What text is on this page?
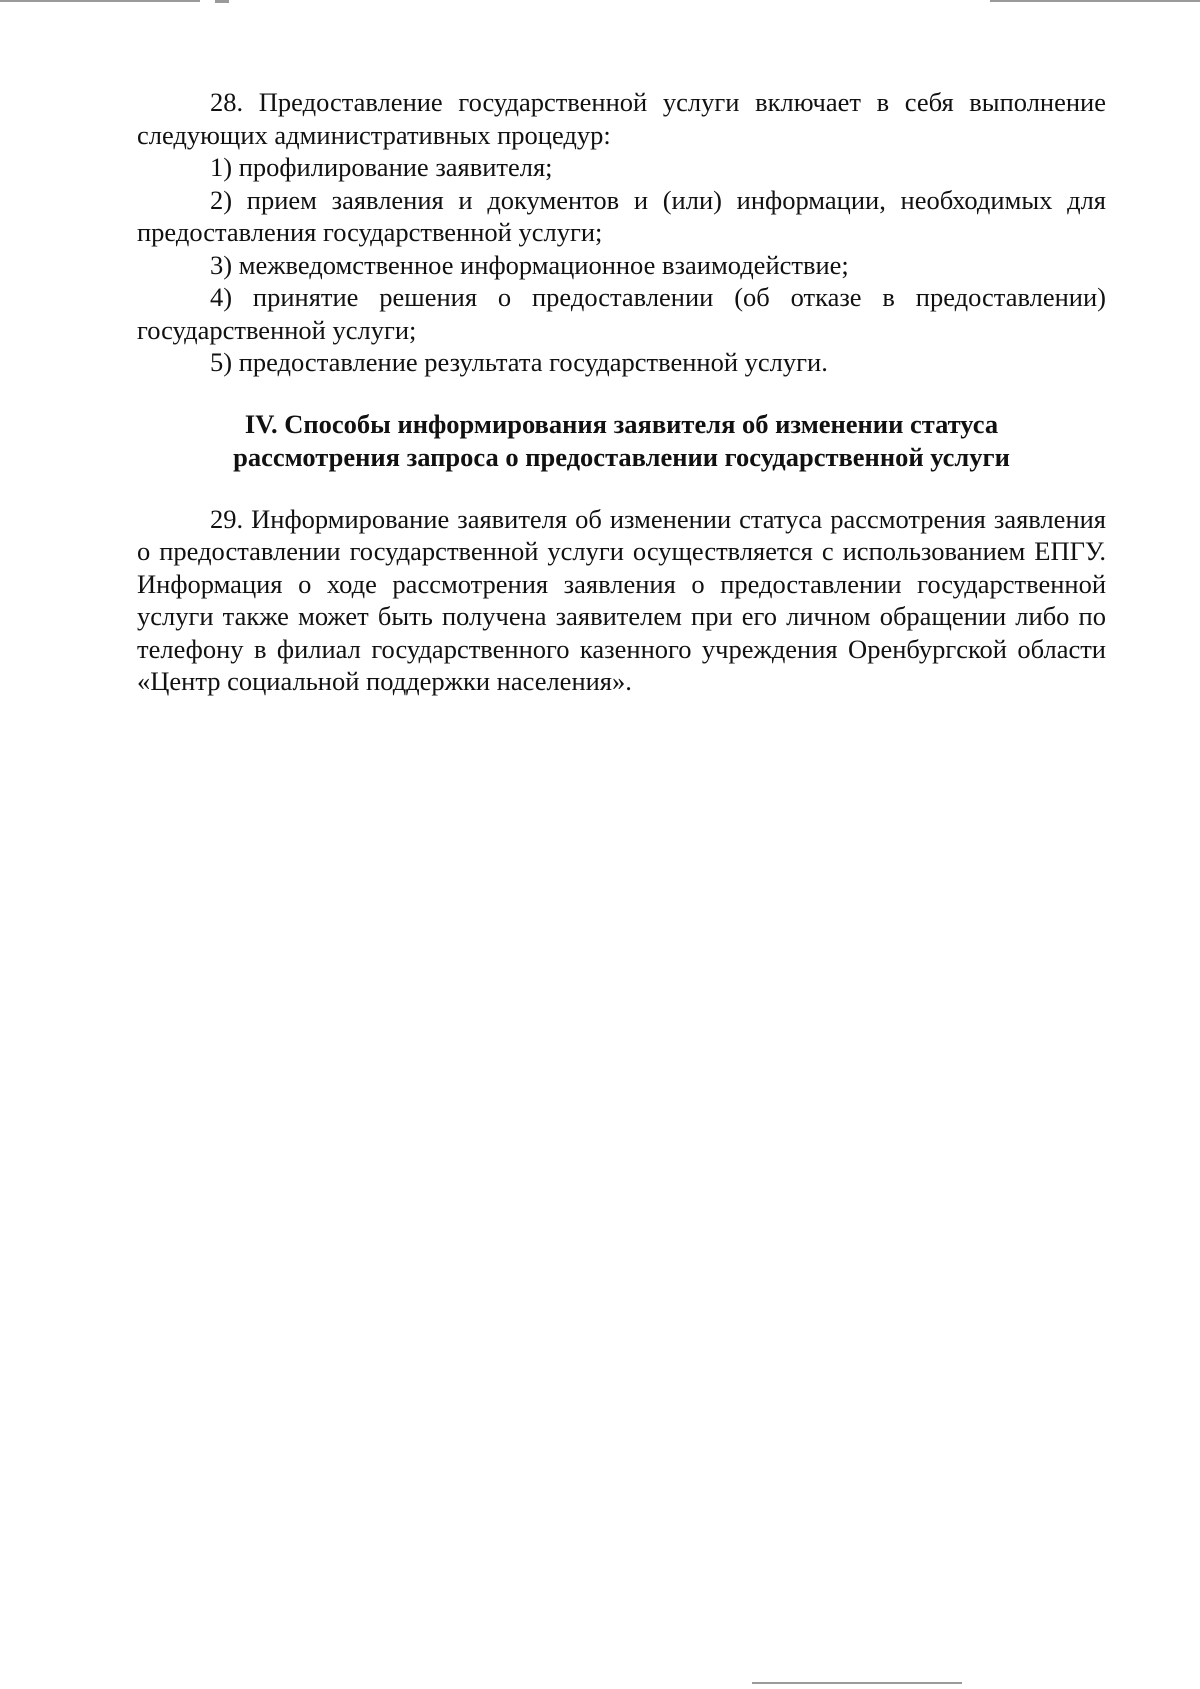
28. Предоставление государственной услуги включает в себя выполнение следующих административных процедур:

1) профилирование заявителя;

2) прием заявления и документов и (или) информации, необходимых для предоставления государственной услуги;

3) межведомственное информационное взаимодействие;

4) принятие решения о предоставлении (об отказе в предоставлении) государственной услуги;

5) предоставление результата государственной услуги.

IV. Способы информирования заявителя об изменении статуса
рассмотрения запроса о предоставлении государственной услуги

29. Информирование заявителя об изменении статуса рассмотрения заявления о предоставлении государственной услуги осуществляется с использованием ЕПГУ. Информация о ходе рассмотрения заявления о предоставлении государственной услуги также может быть получена заявителем при его личном обращении либо по телефону в филиал государственного казенного учреждения Оренбургской области «Центр социальной поддержки населения».
